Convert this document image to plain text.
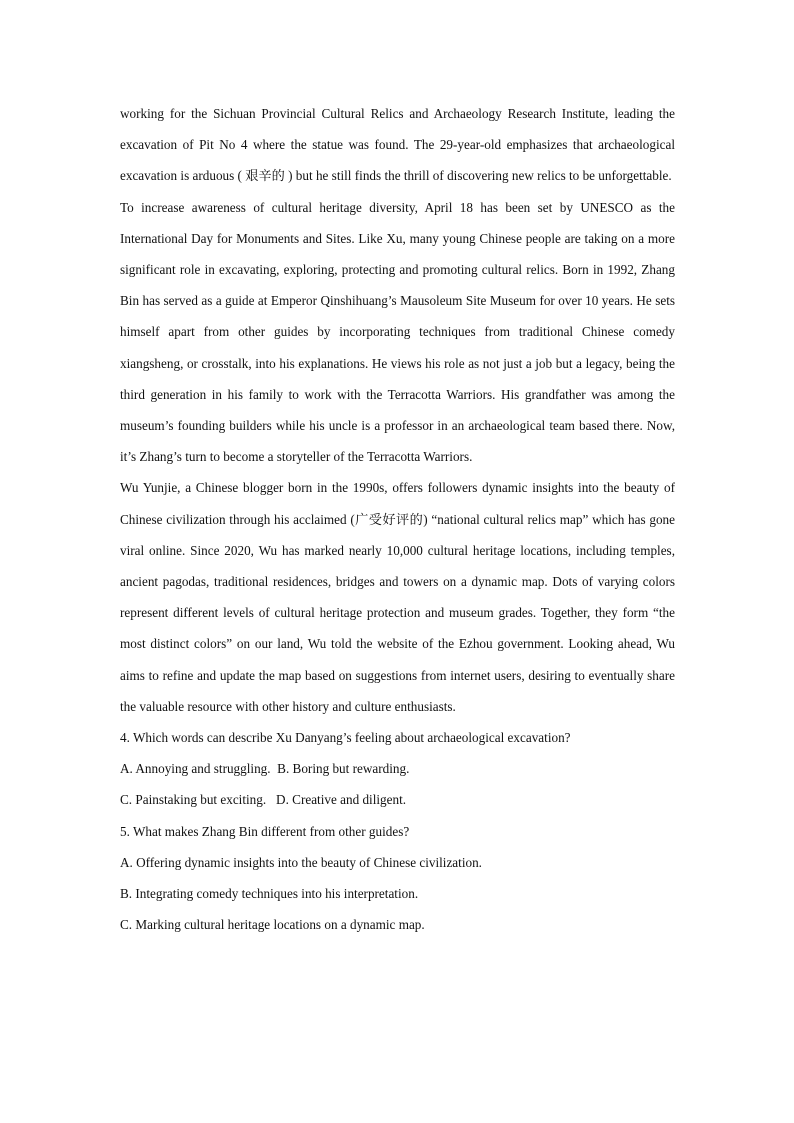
working for the Sichuan Provincial Cultural Relics and Archaeology Research Institute, leading the excavation of Pit No 4 where the statue was found. The 29-year-old emphasizes that archaeological excavation is arduous ( 艰辛的 ) but he still finds the thrill of discovering new relics to be unforgettable.

To increase awareness of cultural heritage diversity, April 18 has been set by UNESCO as the International Day for Monuments and Sites. Like Xu, many young Chinese people are taking on a more significant role in excavating, exploring, protecting and promoting cultural relics. Born in 1992, Zhang Bin has served as a guide at Emperor Qinshihuang’s Mausoleum Site Museum for over 10 years. He sets himself apart from other guides by incorporating techniques from traditional Chinese comedy xiangsheng, or crosstalk, into his explanations. He views his role as not just a job but a legacy, being the third generation in his family to work with the Terracotta Warriors. His grandfather was among the museum’s founding builders while his uncle is a professor in an archaeological team based there. Now, it’s Zhang’s turn to become a storyteller of the Terracotta Warriors.

Wu Yunjie, a Chinese blogger born in the 1990s, offers followers dynamic insights into the beauty of Chinese civilization through his acclaimed (广受好评的) “national cultural relics map” which has gone viral online. Since 2020, Wu has marked nearly 10,000 cultural heritage locations, including temples, ancient pagodas, traditional residences, bridges and towers on a dynamic map. Dots of varying colors represent different levels of cultural heritage protection and museum grades. Together, they form “the most distinct colors” on our land, Wu told the website of the Ezhou government. Looking ahead, Wu aims to refine and update the map based on suggestions from internet users, desiring to eventually share the valuable resource with other history and culture enthusiasts.

4. Which words can describe Xu Danyang’s feeling about archaeological excavation?

A. Annoying and struggling.  B. Boring but rewarding.

C. Painstaking but exciting.   D. Creative and diligent.

5. What makes Zhang Bin different from other guides?

A. Offering dynamic insights into the beauty of Chinese civilization.

B. Integrating comedy techniques into his interpretation.

C. Marking cultural heritage locations on a dynamic map.
